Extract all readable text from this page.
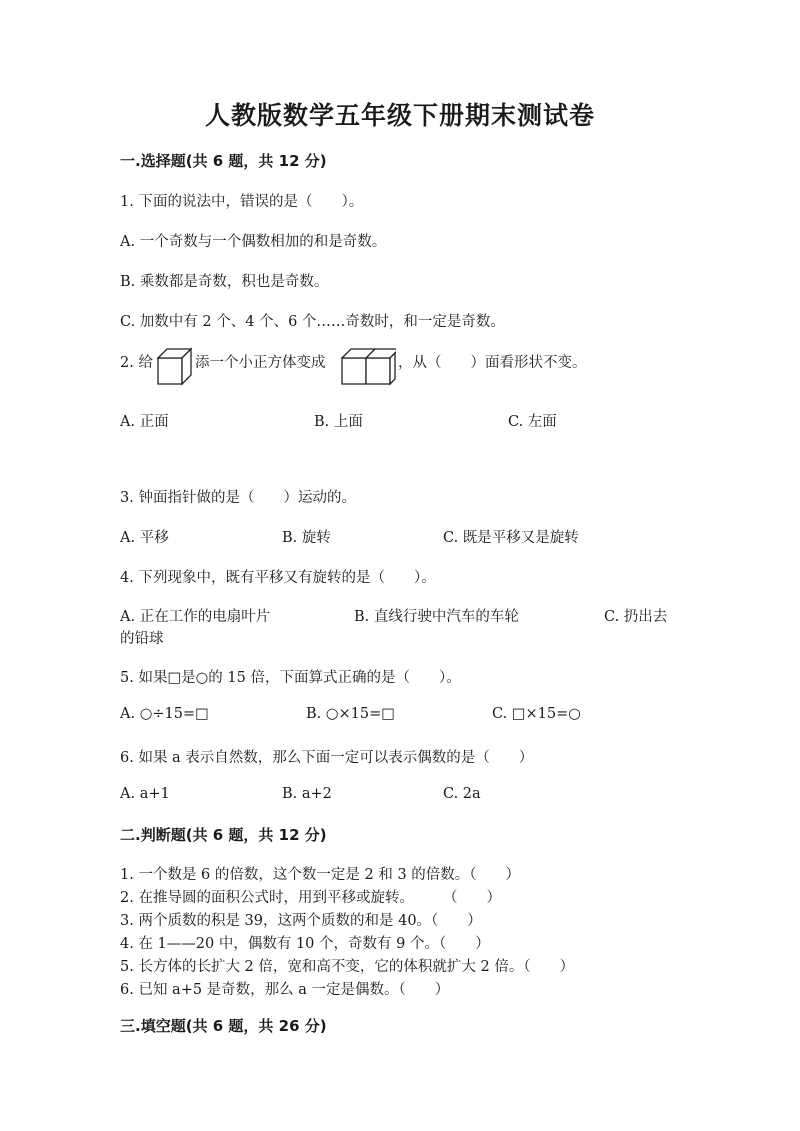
人教版数学五年级下册期末测试卷
一.选择题(共 6 题，共 12 分)
1. 下面的说法中，错误的是（　　）。
A. 一个奇数与一个偶数相加的和是奇数。
B. 乘数都是奇数，积也是奇数。
C. 加数中有 2 个、4 个、6 个……奇数时，和一定是奇数。
2. 给	添一个小正方体变成	，从（　　）面看形状不变。
A. 正面	B. 上面	C. 左面
3. 钟面指针做的是（　　）运动的。
A. 平移	B. 旋转	C. 既是平移又是旋转
4. 下列现象中，既有平移又有旋转的是（　　）。
A. 正在工作的电扇叶片	B. 直线行驶中汽车的车轮	C. 扔出去
的铅球
5. 如果□是○的 15 倍，下面算式正确的是（　　）。
A. ○÷15=□	B. ○×15=□	C. □×15=○
6. 如果 a 表示自然数，那么下面一定可以表示偶数的是（　　）
A. a+1	B. a+2	C. 2a
二.判断题(共 6 题，共 12 分)
1. 一个数是 6 的倍数，这个数一定是 2 和 3 的倍数。（　　）
2. 在推导圆的面积公式时，用到平移或旋转。　　　（　　）
3. 两个质数的积是 39，这两个质数的和是 40。（　　）
4. 在 1——20 中，偶数有 10 个，奇数有 9 个。（　　）
5. 长方体的长扩大 2 倍，宽和高不变，它的体积就扩大 2 倍。（　　）
6. 已知 a+5 是奇数，那么 a 一定是偶数。（　　）
三.填空题(共 6 题，共 26 分)
